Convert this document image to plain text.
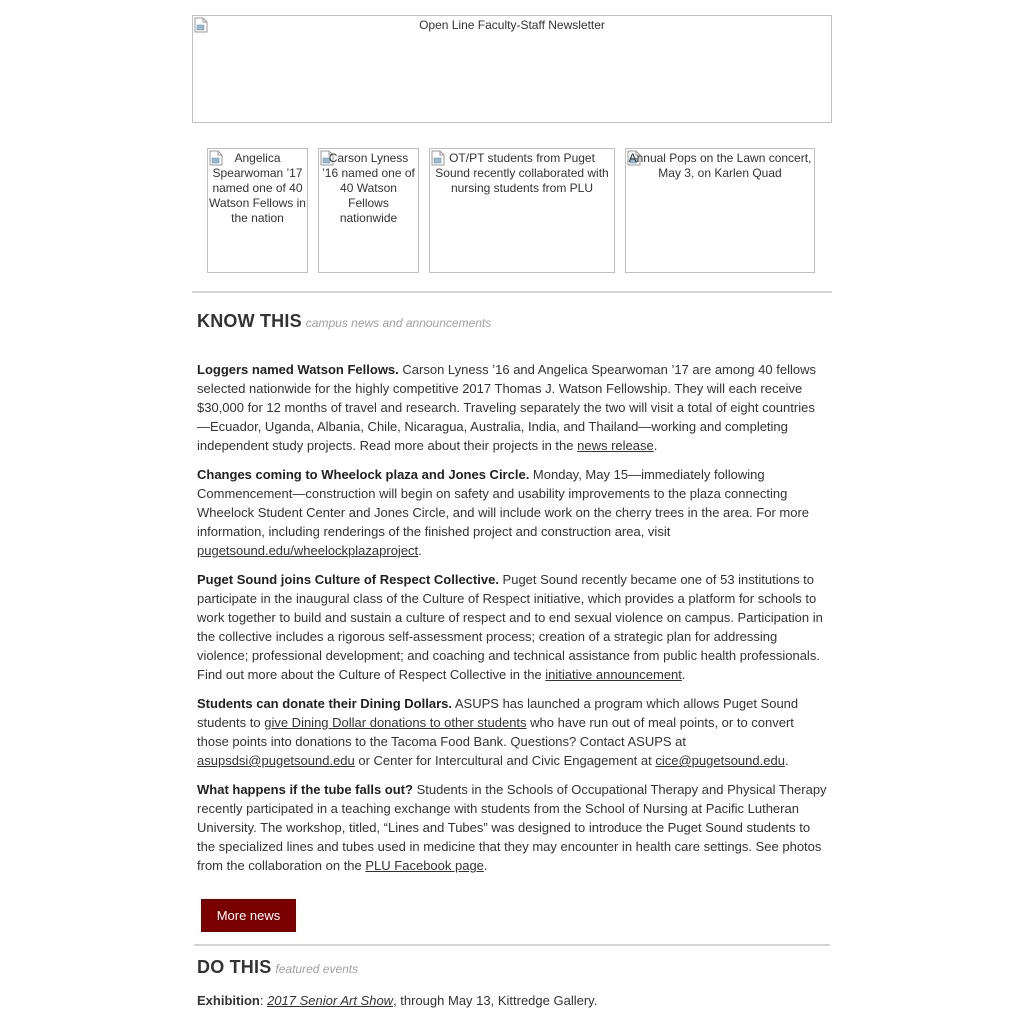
Open Line Faculty-Staff Newsletter
Angelica Spearwoman ’17 named one of 40 Watson Fellows in the nation
Carson Lyness ’16 named one of 40 Watson Fellows nationwide
OT/PT students from Puget Sound recently collaborated with nursing students from PLU
Annual Pops on the Lawn concert, May 3, on Karlen Quad
KNOW THIS campus news and announcements
Loggers named Watson Fellows. Carson Lyness ’16 and Angelica Spearwoman ’17 are among 40 fellows selected nationwide for the highly competitive 2017 Thomas J. Watson Fellowship. They will each receive $30,000 for 12 months of travel and research. Traveling separately the two will visit a total of eight countries—Ecuador, Uganda, Albania, Chile, Nicaragua, Australia, India, and Thailand—working and completing independent study projects. Read more about their projects in the news release.
Changes coming to Wheelock plaza and Jones Circle. Monday, May 15—immediately following Commencement—construction will begin on safety and usability improvements to the plaza connecting Wheelock Student Center and Jones Circle, and will include work on the cherry trees in the area. For more information, including renderings of the finished project and construction area, visit pugetsound.edu/wheelockplazaproject.
Puget Sound joins Culture of Respect Collective. Puget Sound recently became one of 53 institutions to participate in the inaugural class of the Culture of Respect initiative, which provides a platform for schools to work together to build and sustain a culture of respect and to end sexual violence on campus. Participation in the collective includes a rigorous self-assessment process; creation of a strategic plan for addressing violence; professional development; and coaching and technical assistance from public health professionals. Find out more about the Culture of Respect Collective in the initiative announcement.
Students can donate their Dining Dollars. ASUPS has launched a program which allows Puget Sound students to give Dining Dollar donations to other students who have run out of meal points, or to convert those points into donations to the Tacoma Food Bank. Questions? Contact ASUPS at asupsdsi@pugetsound.edu or Center for Intercultural and Civic Engagement at cice@pugetsound.edu.
What happens if the tube falls out? Students in the Schools of Occupational Therapy and Physical Therapy recently participated in a teaching exchange with students from the School of Nursing at Pacific Lutheran University. The workshop, titled, “Lines and Tubes” was designed to introduce the Puget Sound students to the specialized lines and tubes used in medicine that they may encounter in health care settings. See photos from the collaboration on the PLU Facebook page.
More news
DO THIS featured events
Exhibition: 2017 Senior Art Show, through May 13, Kittredge Gallery.
